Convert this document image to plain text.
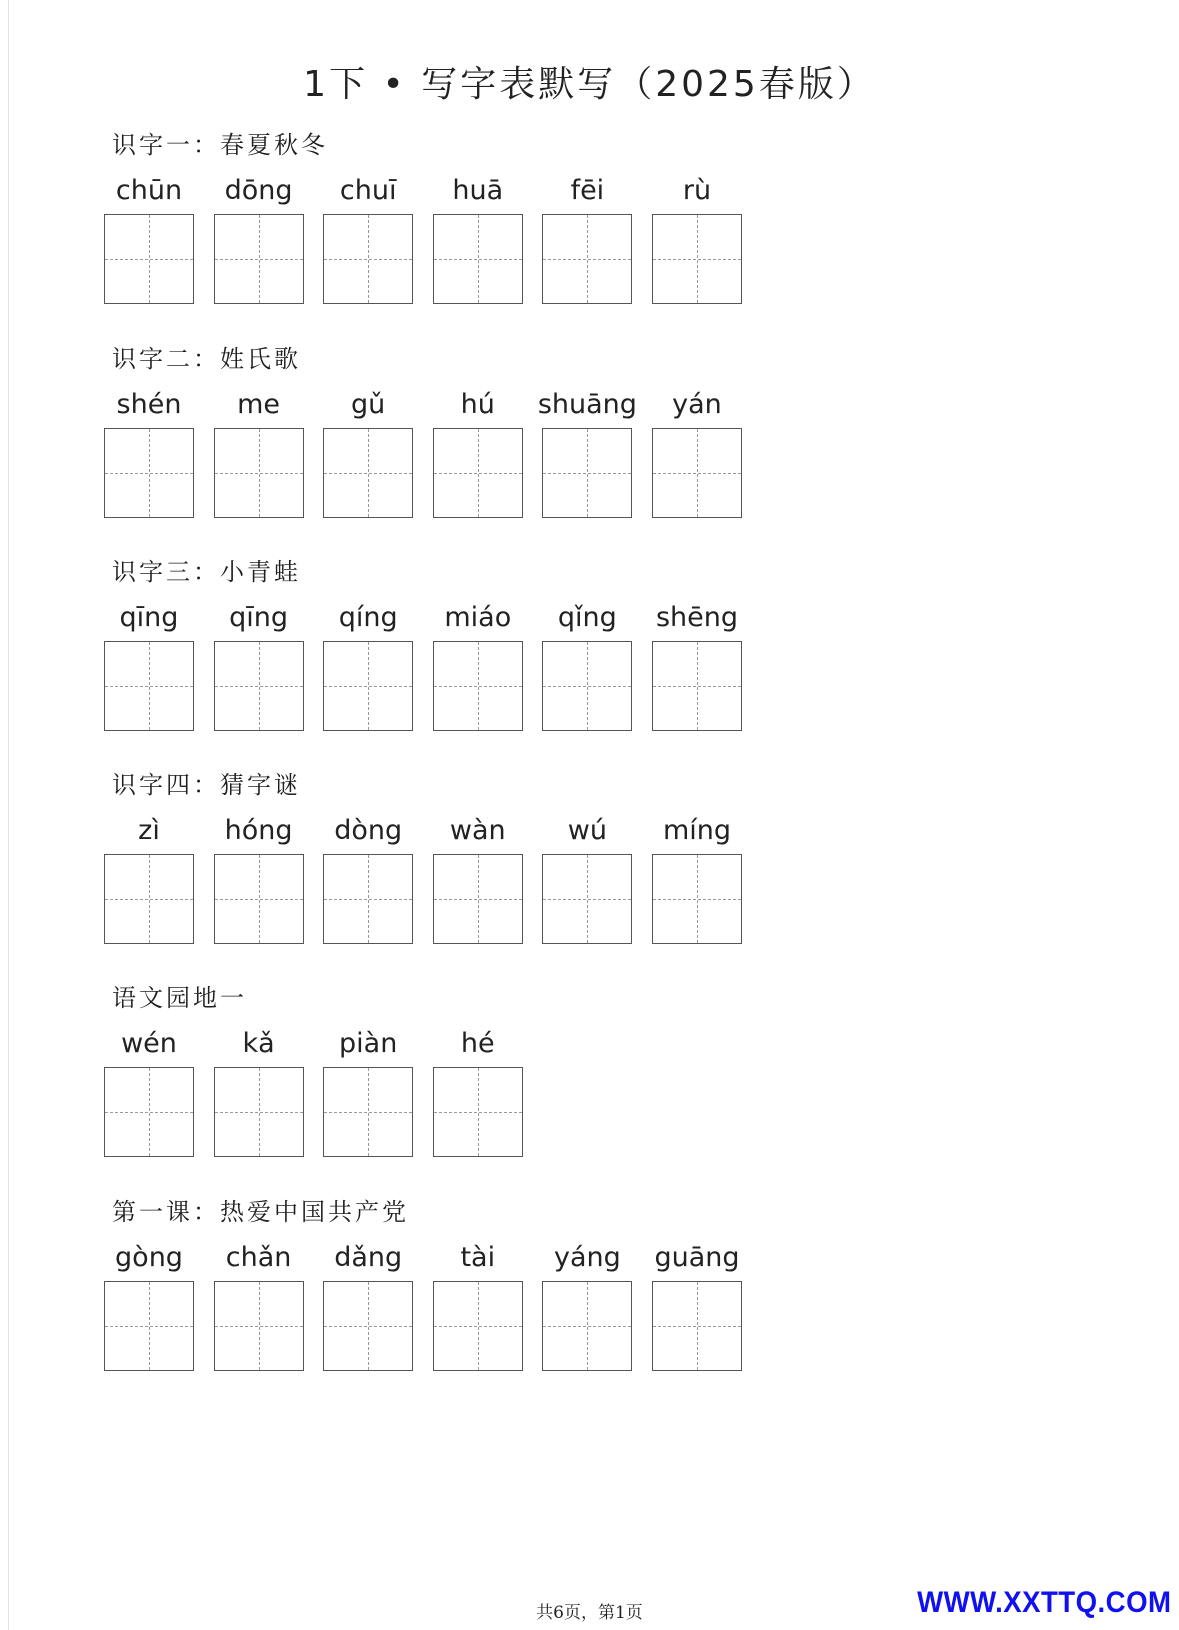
1下 • 写字表默写（2025春版）
识字一：春夏秋冬
chūn dōng chuī huā fēi	rù
识字二：姓氏歌
shén me	gǔ	hú shuāng yán
识字三：小青蛙
qīng qīng qíng miáo qǐng shēng
识字四：猜字谜
zì hóng dòng wàn wú míng
语文园地一
wén kǎ piàn hé
第一课：热爱中国共产党
gòng chǎn dǎng tài yáng guāng
共6页，第1页	WWW.XXTTQ.COM
